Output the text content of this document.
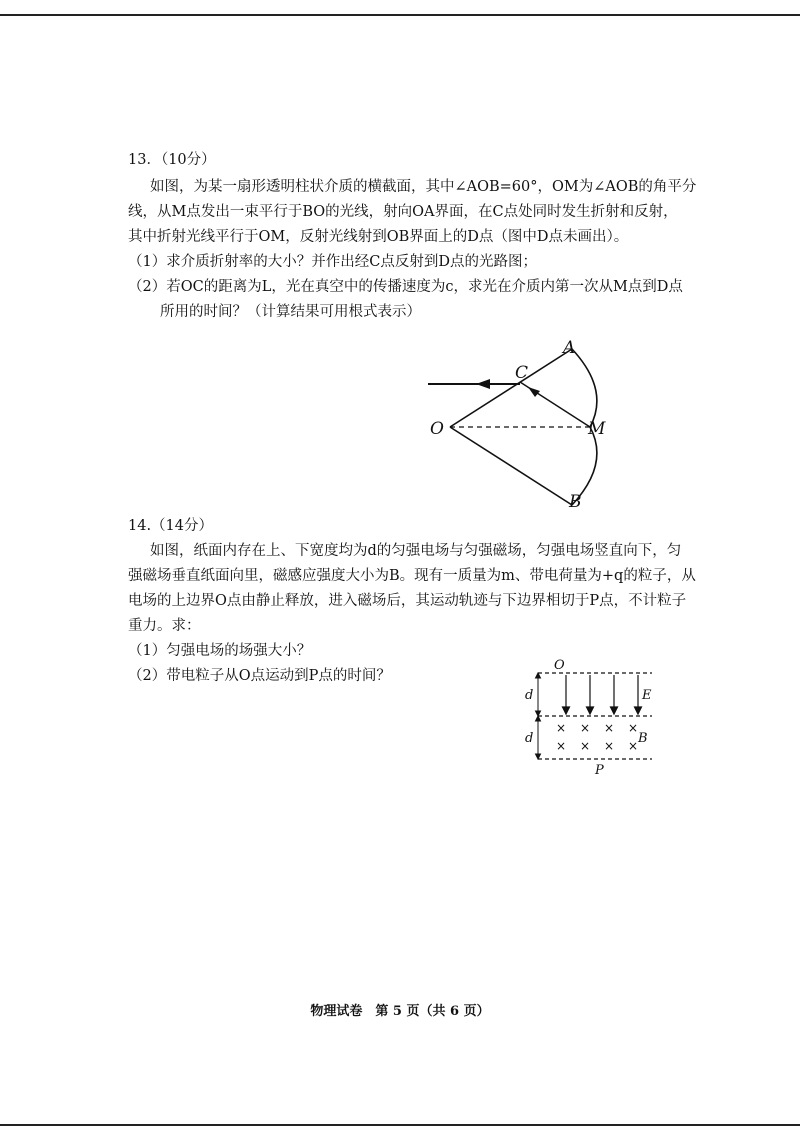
13．（10分）
如图，为某一扇形透明柱状介质的横截面，其中∠AOB=60°，OM为∠AOB的角平分
线，从M点发出一束平行于BO的光线，射向OA界面，在C点处同时发生折射和反射，
其中折射光线平行于OM，反射光线射到OB界面上的D点（图中D点未画出）。
（1）求介质折射率的大小？并作出经C点反射到D点的光路图；
（2）若OC的距离为L，光在真空中的传播速度为c，求光在介质内第一次从M点到D点
所用的时间？（计算结果可用根式表示）
A
C
O	M
B
14.（14分）
如图，纸面内存在上、下宽度均为d的匀强电场与匀强磁场，匀强电场竖直向下，匀
强磁场垂直纸面向里，磁感应强度大小为B。现有一质量为m、带电荷量为+q的粒子，从
电场的上边界O点由静止释放，进入磁场后，其运动轨迹与下边界相切于P点，不计粒子
重力。求：
（1）匀强电场的场强大小？
（2）带电粒子从O点运动到P点的时间？
× × × ×
× × × ×
O
d
d
E
B
P
物理试卷　第 5 页（共 6 页）
